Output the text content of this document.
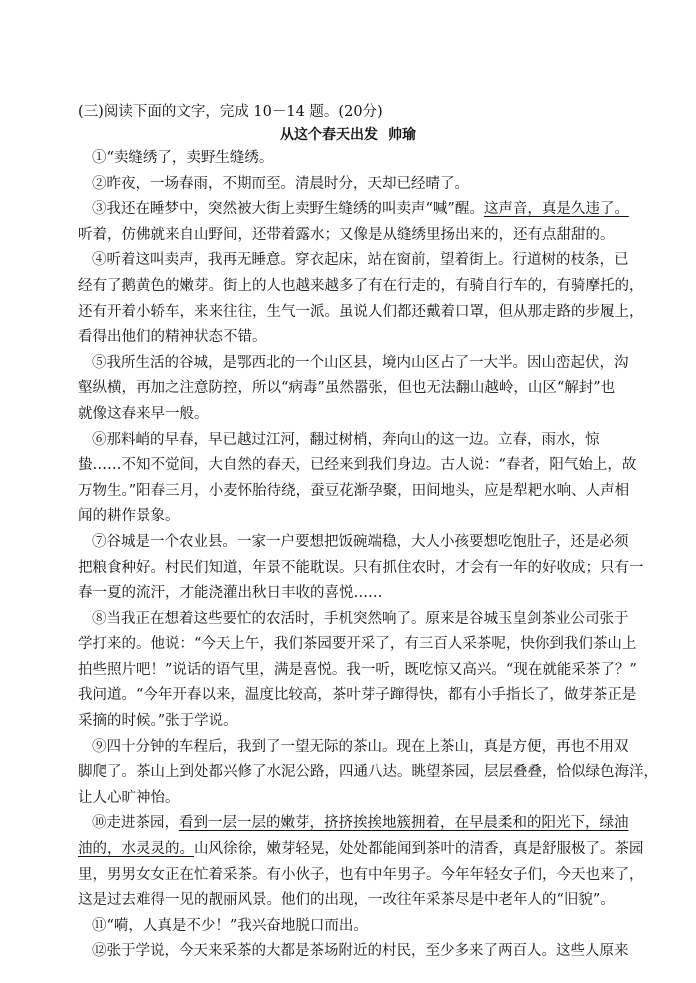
(三)阅读下面的文字，完成 10－14 题。(20分)
从这个春天出发 帅瑜
①“卖缝绣了，卖野生缝绣。
②昨夜，一场春雨，不期而至。清晨时分，天却已经晴了。
③我还在睡梦中，突然被大街上卖野生缝绣的叫卖声“喊”醒。这声音，真是久违了。
听着，仿佛就来自山野间，还带着露水；又像是从缝绣里扬出来的，还有点甜甜的。
④听着这叫卖声，我再无睡意。穿衣起床，站在窗前，望着街上。行道树的枝条，已
经有了鹅黄色的嫩芽。街上的人也越来越多了有在行走的，有骑自行车的，有骑摩托的，
还有开着小轿车，来来往往，生气一派。虽说人们都还戴着口罩，但从那走路的步履上，
看得出他们的精神状态不错。
⑤我所生活的谷城，是鄂西北的一个山区县，境内山区占了一大半。因山峦起伏，沟
壑纵横，再加之注意防控，所以“病毒”虽然嚣张，但也无法翻山越岭，山区“解封”也
就像这春来早一般。
⑥那料峭的早春，早已越过江河，翻过树梢，奔向山的这一边。立春，雨水，惊
蛰……不知不觉间，大自然的春天，已经来到我们身边。古人说：“春者，阳气始上，故
万物生。”阳春三月，小麦怀胎待绕，蚕豆花渐孕聚，田间地头，应是犁耙水响、人声相
闻的耕作景象。
⑦谷城是一个农业县。一家一户要想把饭碗端稳，大人小孩要想吃饱肚子，还是必须
把粮食种好。村民们知道，年景不能耽误。只有抓住农时，才会有一年的好收成；只有一
春一夏的流汗，才能浇灌出秋日丰收的喜悦……
⑧当我正在想着这些要忙的农活时，手机突然响了。原来是谷城玉皇剑茶业公司张于
学打来的。他说：“今天上午，我们茶园要开采了，有三百人采茶呢，快你到我们茶山上
拍些照片吧！”说话的语气里，满是喜悦。我一听，既吃惊又高兴。“现在就能采茶了？”
我问道。“今年开春以来，温度比较高，茶叶芽子蹿得快，都有小手指长了，做芽茶正是
采摘的时候。”张于学说。
⑨四十分钟的车程后，我到了一望无际的茶山。现在上茶山，真是方便，再也不用双
脚爬了。茶山上到处都兴修了水泥公路，四通八达。眺望茶园，层层叠叠，恰似绿色海洋，
让人心旷神怡。
⑩走进茶园，看到一层一层的嫩芽，挤挤挨挨地簇拥着，在早晨柔和的阳光下，绿油
油的，水灵灵的。山风徐徐，嫩芽轻晃，处处都能闻到茶叶的清香，真是舒服极了。茶园
里，男男女女正在忙着采茶。有小伙子，也有中年男子。今年年轻女子们，今天也来了，
这是过去难得一见的靓丽风景。他们的出现，一改往年采茶尽是中老年人的“旧貌”。
⑪“嗬，人真是不少！”我兴奋地脱口而出。
⑫张于学说，今天来采茶的大都是茶场附近的村民，至少多来了两百人。这些人原来
